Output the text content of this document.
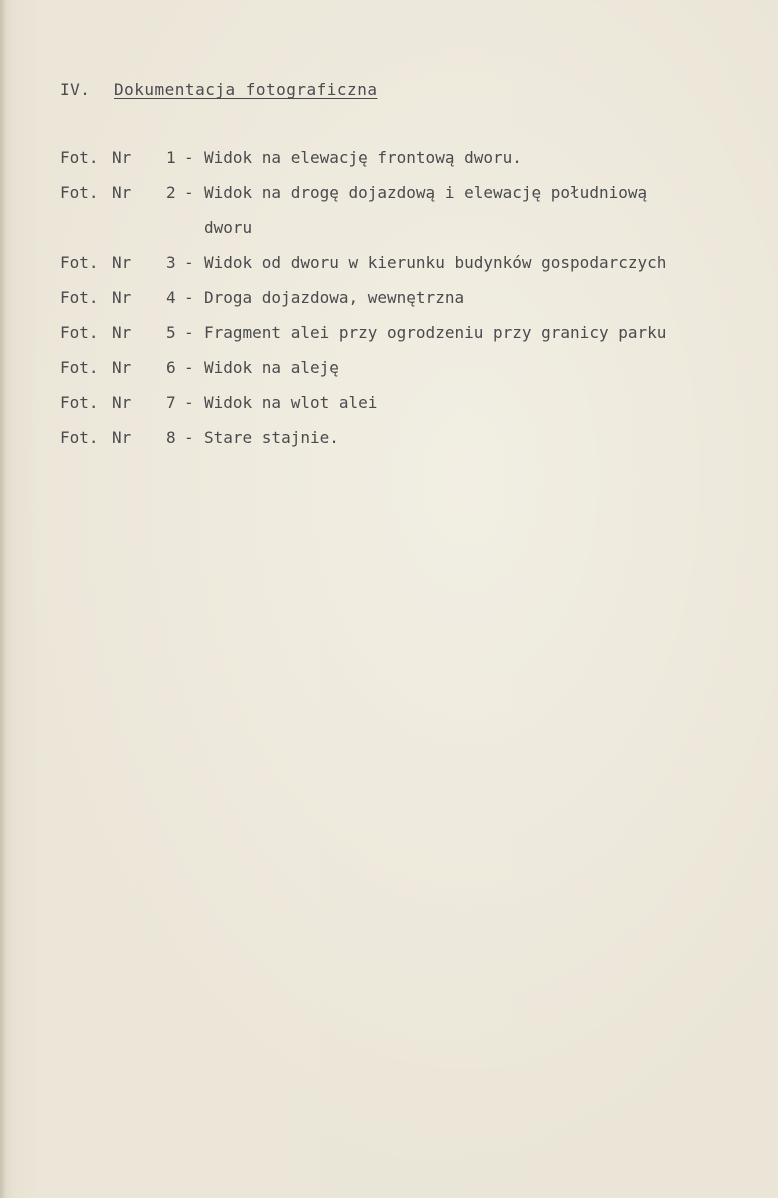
IV. Dokumentacja fotograficzna
Fot. Nr	1 - Widok na elewację frontową dworu.
Fot. Nr	2 - Widok na drogę dojazdową i elewację południową
dworu
Fot. Nr	3 - Widok od dworu w kierunku budynków gospodarczych
Fot. Nr	4 - Droga dojazdowa, wewnętrzna
Fot. Nr	5 - Fragment alei przy ogrodzeniu przy granicy parku
Fot. Nr	6 - Widok na aleję
Fot. Nr	7 - Widok na wlot alei
Fot. Nr	8 - Stare stajnie.
